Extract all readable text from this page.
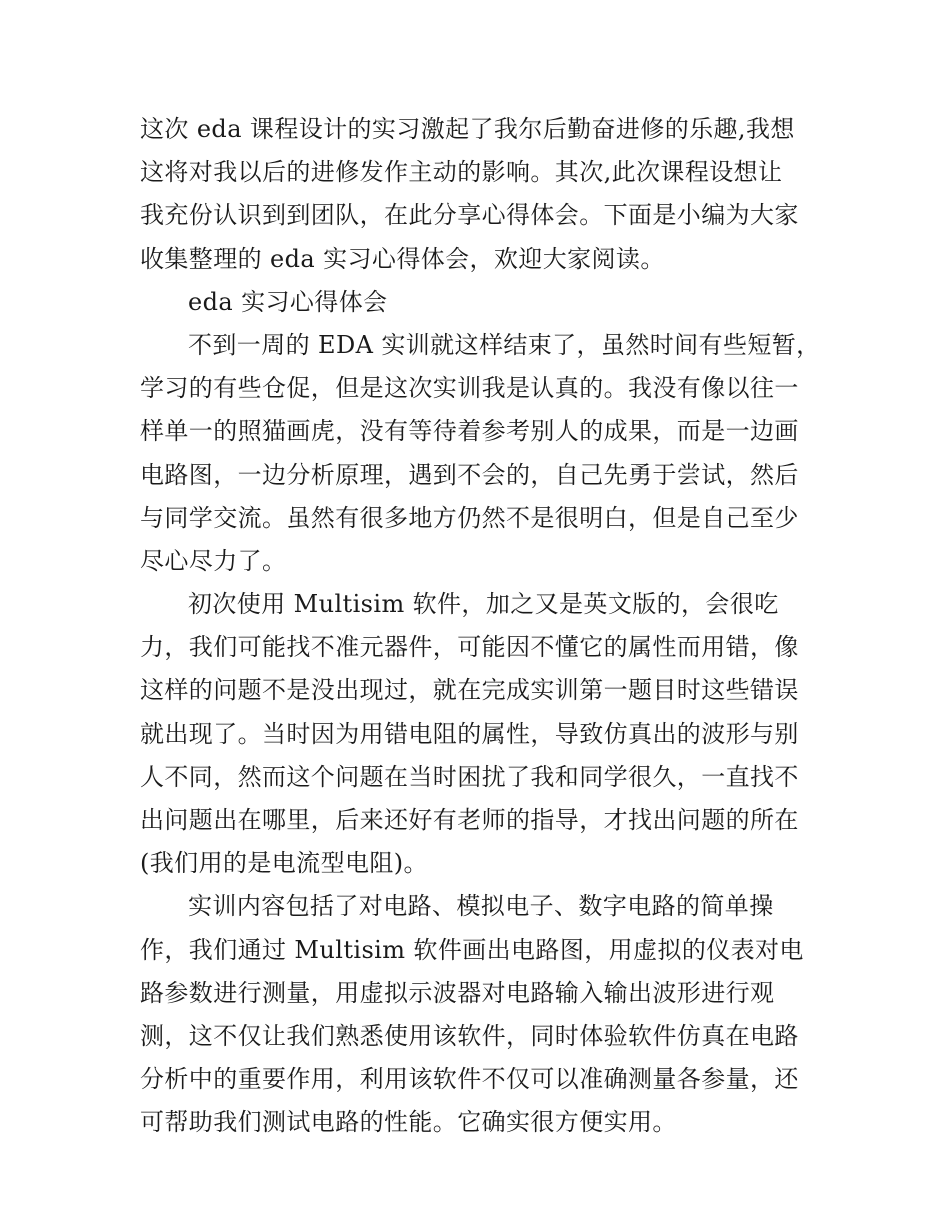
这次 eda 课程设计的实习激起了我尔后勤奋进修的乐趣,我想
这将对我以后的进修发作主动的影响。其次,此次课程设想让
我充份认识到到团队，在此分享心得体会。下面是小编为大家
收集整理的 eda 实习心得体会，欢迎大家阅读。
eda 实习心得体会
不到一周的 EDA 实训就这样结束了，虽然时间有些短暂，
学习的有些仓促，但是这次实训我是认真的。我没有像以往一
样单一的照猫画虎，没有等待着参考别人的成果，而是一边画
电路图，一边分析原理，遇到不会的，自己先勇于尝试，然后
与同学交流。虽然有很多地方仍然不是很明白，但是自己至少
尽心尽力了。
初次使用 Multisim 软件，加之又是英文版的，会很吃
力，我们可能找不准元器件，可能因不懂它的属性而用错，像
这样的问题不是没出现过，就在完成实训第一题目时这些错误
就出现了。当时因为用错电阻的属性，导致仿真出的波形与别
人不同，然而这个问题在当时困扰了我和同学很久，一直找不
出问题出在哪里，后来还好有老师的指导，才找出问题的所在
(我们用的是电流型电阻)。
实训内容包括了对电路、模拟电子、数字电路的简单操
作，我们通过 Multisim 软件画出电路图，用虚拟的仪表对电
路参数进行测量，用虚拟示波器对电路输入输出波形进行观
测，这不仅让我们熟悉使用该软件，同时体验软件仿真在电路
分析中的重要作用，利用该软件不仅可以准确测量各参量，还
可帮助我们测试电路的性能。它确实很方便实用。
